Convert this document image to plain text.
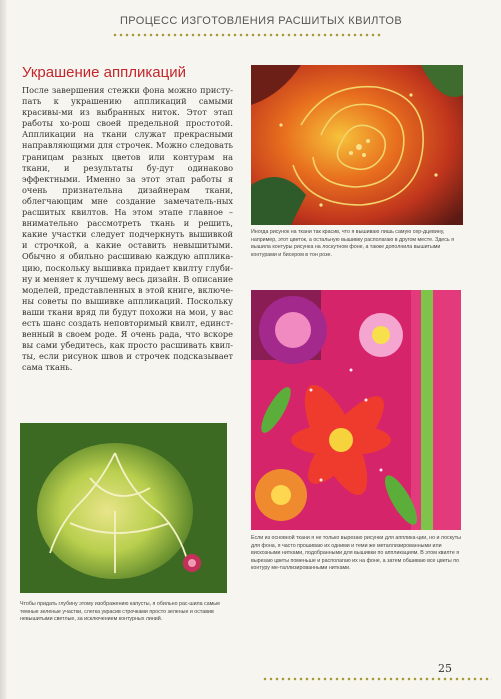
ПРОЦЕСС ИЗГОТОВЛЕНИЯ РАСШИТЫХ КВИЛТОВ
Украшение аппликаций

После завершения стежки фона можно присту-пать к украшению аппликаций самыми красивы-ми из выбранных ниток. Этот этап работы хо-рош своей предельной простотой. Аппликации на ткани служат прекрасными направляющими для строчек. Можно следовать границам разных цветов или контурам на ткани, и результаты бу-дут одинаково эффектными. Именно за этот этап работы я очень признательна дизайнерам ткани, облегчающим мне создание замечатель-ных расшитых квилтов. На этом этапе главное – внимательно рассмотреть ткань и решить, какие участки следует подчеркнуть вышивкой и строчкой, а какие оставить невышитыми. Обычно я обильно расшиваю каждую апплика-цию, поскольку вышивка придает квилту глуби-ну и меняет к лучшему весь дизайн. В описание моделей, представленных в этой книге, включе-ны советы по вышивке аппликаций. Поскольку ваши ткани вряд ли будут похожи на мои, у вас есть шанс создать неповторимый квилт, единст-венный в своем роде. Я очень рада, что вскоре вы сами убедитесь, как просто расшивать квил-ты, если рисунок швов и строчек подсказывает сама ткань.

Иногда рисунок на ткани так красив, что я вышиваю лишь самую сер-дцевину, например, этот цветок, а остальную вышивку располагаю в другом месте. Здесь я вышила контуры рисунка на лоскутном фоне, а также дополнила вышитыми контурами и бисером в тон розе.

Если из основной ткани я не только вырезаю рисунки для апплика-ции, но и лоскуты для фона, я часто прошиваю их одними и теми же металлизированными или вискозными нитками, подобранными для вышивки по аппликациям. В этом квилте я вырезаю цветы поменьше и располагаю их на фоне, а затем обшиваю все цветы по контуру ме-таллизированными нитками.

Чтобы придать глубину этому изображению капусты, я обильно рас-шила самые темные зеленые участки, слегка украсив строчками просто зеленые и оставив невышитыми светлые, за исключением контурных линий.

25
